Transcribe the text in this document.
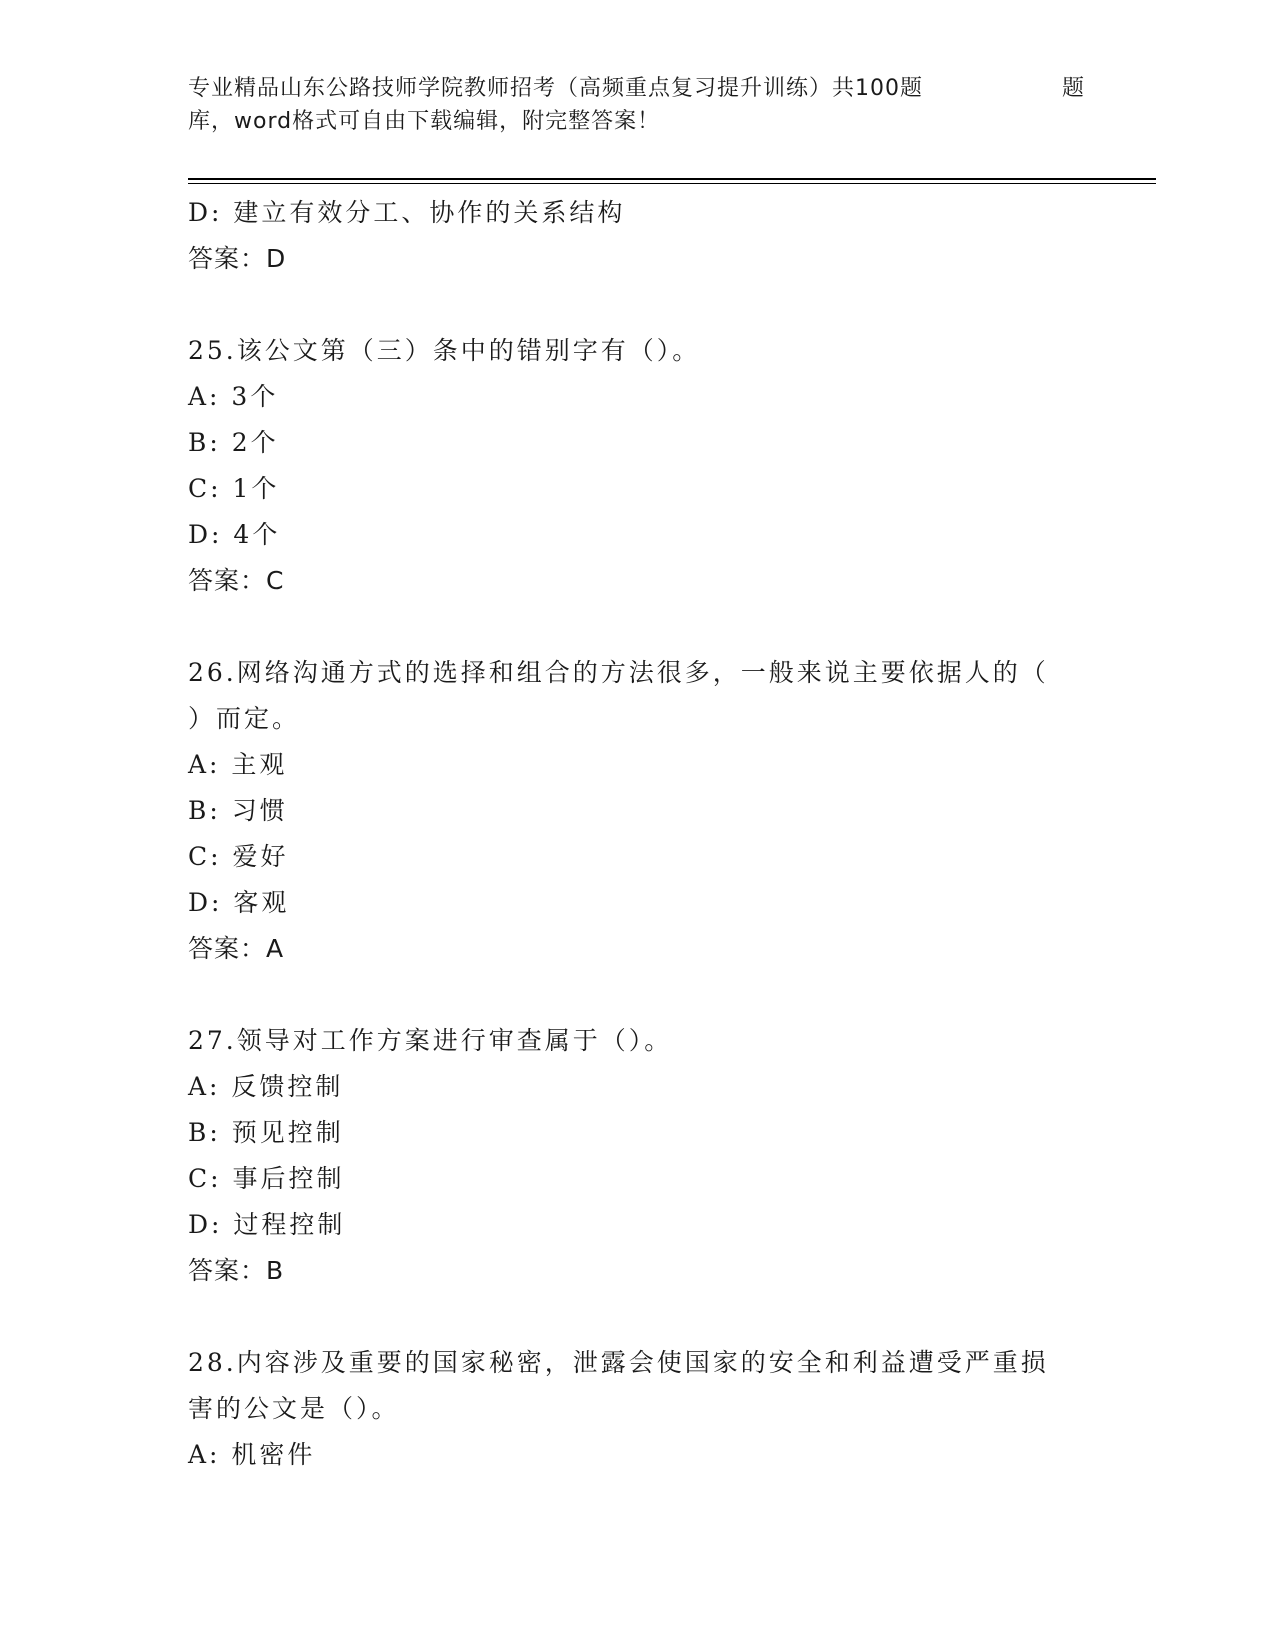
专业精品山东公路技师学院教师招考（高频重点复习提升训练）共100题
库，word格式可自由下载编辑，附完整答案！
题
D: 建立有效分工、协作的关系结构
答案：D
25.该公文第（三）条中的错别字有（）。
A: 3个
B: 2个
C: 1个
D: 4个
答案：C
26.网络沟通方式的选择和组合的方法很多，一般来说主要依据人的（
）而定。
A: 主观
B: 习惯
C: 爱好
D: 客观
答案：A
27.领导对工作方案进行审查属于（）。
A: 反馈控制
B: 预见控制
C: 事后控制
D: 过程控制
答案：B
28.内容涉及重要的国家秘密，泄露会使国家的安全和利益遭受严重损
害的公文是（）。
A: 机密件
